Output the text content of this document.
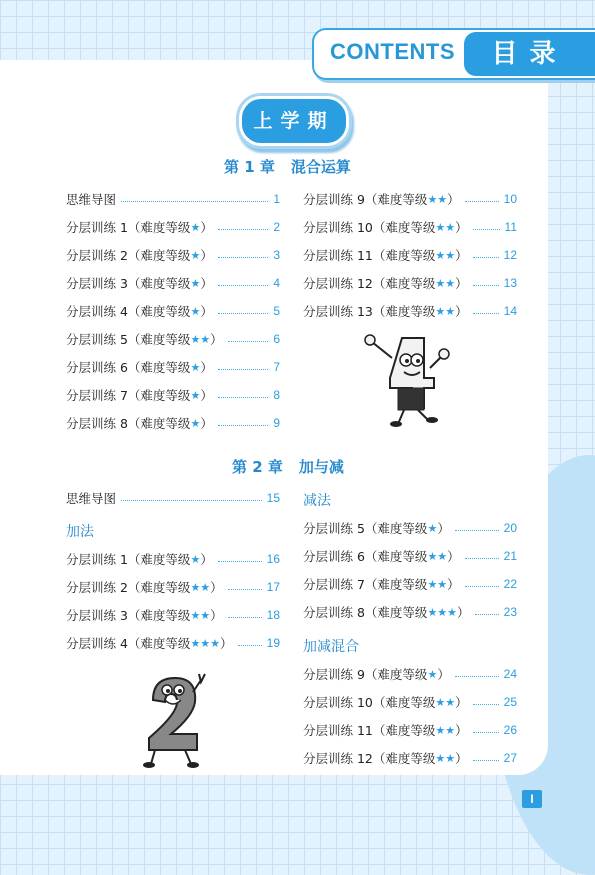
CONTENTS	目录
上学期
第 1 章 混合运算
思维导图	1
分层训练 1（难度等级 ★ ）	2
分层训练 2（难度等级 ★ ）	3
分层训练 3（难度等级 ★ ）	4
分层训练 4（难度等级 ★ ）	5
分层训练 5（难度等级 ★★ ）	6
分层训练 6（难度等级 ★ ）	7
分层训练 7（难度等级 ★ ）	8
分层训练 8（难度等级 ★ ）	9
分层训练 9（难度等级 ★★ ）	10
分层训练 10（难度等级 ★★ ）	11
分层训练 11（难度等级 ★★ ）	12
分层训练 12（难度等级 ★★ ）	13
分层训练 13（难度等级 ★★ ）	14
第 2 章 加与减
思维导图	15
加法
减法
加减混合
分层训练 1（难度等级 ★ ）	16
分层训练 2（难度等级 ★★ ）	17
分层训练 3（难度等级 ★★ ）	18
分层训练 4（难度等级 ★★★ ）	19
分层训练 5（难度等级 ★ ）	20
分层训练 6（难度等级 ★★ ）	21
分层训练 7（难度等级 ★★ ）	22
分层训练 8（难度等级 ★★★ ）	23
分层训练 9（难度等级 ★ ）	24
分层训练 10（难度等级 ★★ ）	25
分层训练 11（难度等级 ★★ ）	26
分层训练 12（难度等级 ★★ ）	27
I
